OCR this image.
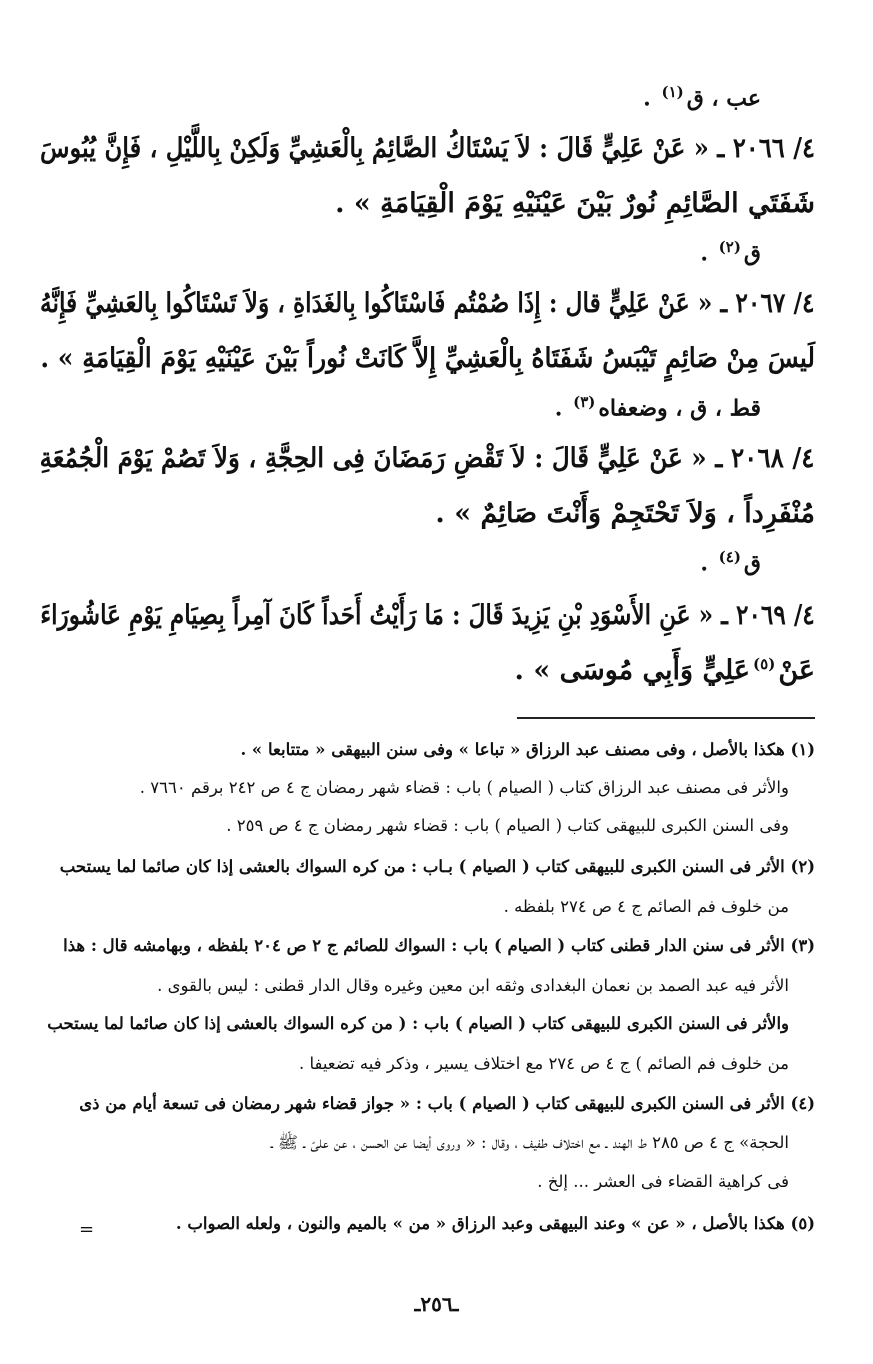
عب ، ق$^{(١)}$ .
٤/ ٢٠٦٦ ـ « عَنْ عَلِيٍّ قَالَ : لاَ يَسْتَاكُ الصَّائِمُ بِالْعَشِيِّ وَلَكِنْ بِاللَّيْلِ ، فَإِنَّ يُبُوسَ
شَفَتَي الصَّائِمِ نُورٌ بَيْنَ عَيْنَيْهِ يَوْمَ الْقِيَامَةِ » .
ق$^{(٢)}$ .
٤/ ٢٠٦٧ ـ « عَنْ عَلِيٍّ قال : إِذَا صُمْتُم فَاسْتَاكُوا بِالغَدَاةِ ، وَلاَ تَسْتَاكُوا بِالعَشِيِّ فَإِنَّهُ
لَيسَ مِنْ صَائِمٍ تَيْبَسُ شَفَتَاهُ بِالْعَشِيِّ إِلاَّ كَانَتْ نُوراً بَيْنَ عَيْنَيْهِ يَوْمَ الْقِيَامَةِ » .
قط ، ق ، وضعفاه$^{(٣)}$ .
٤/ ٢٠٦٨ ـ « عَنْ عَلِيٍّ قَالَ : لاَ تَقْضِ رَمَضَانَ فِى الحِجَّةِ ، وَلاَ تَصُمْ يَوْمَ الْجُمُعَةِ
مُنْفَرِداً ، وَلاَ تَحْتَجِمْ وَأَنْتَ صَائِمٌ » .
ق$^{(٤)}$ .
٤/ ٢٠٦٩ ـ « عَنِ الأَسْوَدِ بْنِ يَزِيدَ قَالَ : مَا رَأَيْتُ أَحَداً كَانَ آمِراً بِصِيَامِ يَوْمِ عَاشُورَاءَ
عَنْ$^{(٥)}$عَلِيٍّ وَأَبِي مُوسَى » .
(١) هكذا بالأصل ، وفى مصنف عبد الرزاق « تباعا » وفى سنن البيهقى « متتابعا » .
والأثر فى مصنف عبد الرزاق كتاب ( الصيام ) باب : قضاء شهر رمضان ج ٤ ص ٢٤٢ برقم ٧٦٦٠ .
وفى السنن الكبرى للبيهقى كتاب ( الصيام ) باب : قضاء شهر رمضان ج ٤ ص ٢٥٩ .
(٢) الأثر فى السنن الكبرى للبيهقى كتاب ( الصيام ) بـاب : من كره السواك بالعشى إذا كان صائما لما يستحب
من خلوف فم الصائم ج ٤ ص ٢٧٤ بلفظه .
(٣) الأثر فى سنن الدار قطنى كتاب ( الصيام ) باب : السواك للصائم ج ٢ ص ٢٠٤ بلفظه ، وبهامشه قال : هذا
الأثر فيه عبد الصمد بن نعمان البغدادى وثقه ابن معين وغيره وقال الدار قطنى : ليس بالقوى .
والأثر فى السنن الكبرى للبيهقى كتاب ( الصيام ) باب : ( من كره السواك بالعشى إذا كان صائما لما يستحب
من خلوف فم الصائم ) ج ٤ ص ٢٧٤ مع اختلاف يسير ، وذكر فيه تضعيفا .
(٤) الأثر فى السنن الكبرى للبيهقى كتاب ( الصيام ) باب : « جواز قضاء شهر رمضان فى تسعة أيام من ذى
الحجة» ج ٤ ص ٢٨٥ ط الهند ـ مع اختلاف طفيف ، وقال : « وروى أيضا عن الحسن ، عن علىّ ـ ﷺ ـ
فى كراهية القضاء فى العشر ... إلخ .
(٥) هكذا بالأصل ، « عن » وعند البيهقى وعبد الرزاق « من » بالميم والنون ، ولعله الصواب .
=
ـ٢٥٦ـ
